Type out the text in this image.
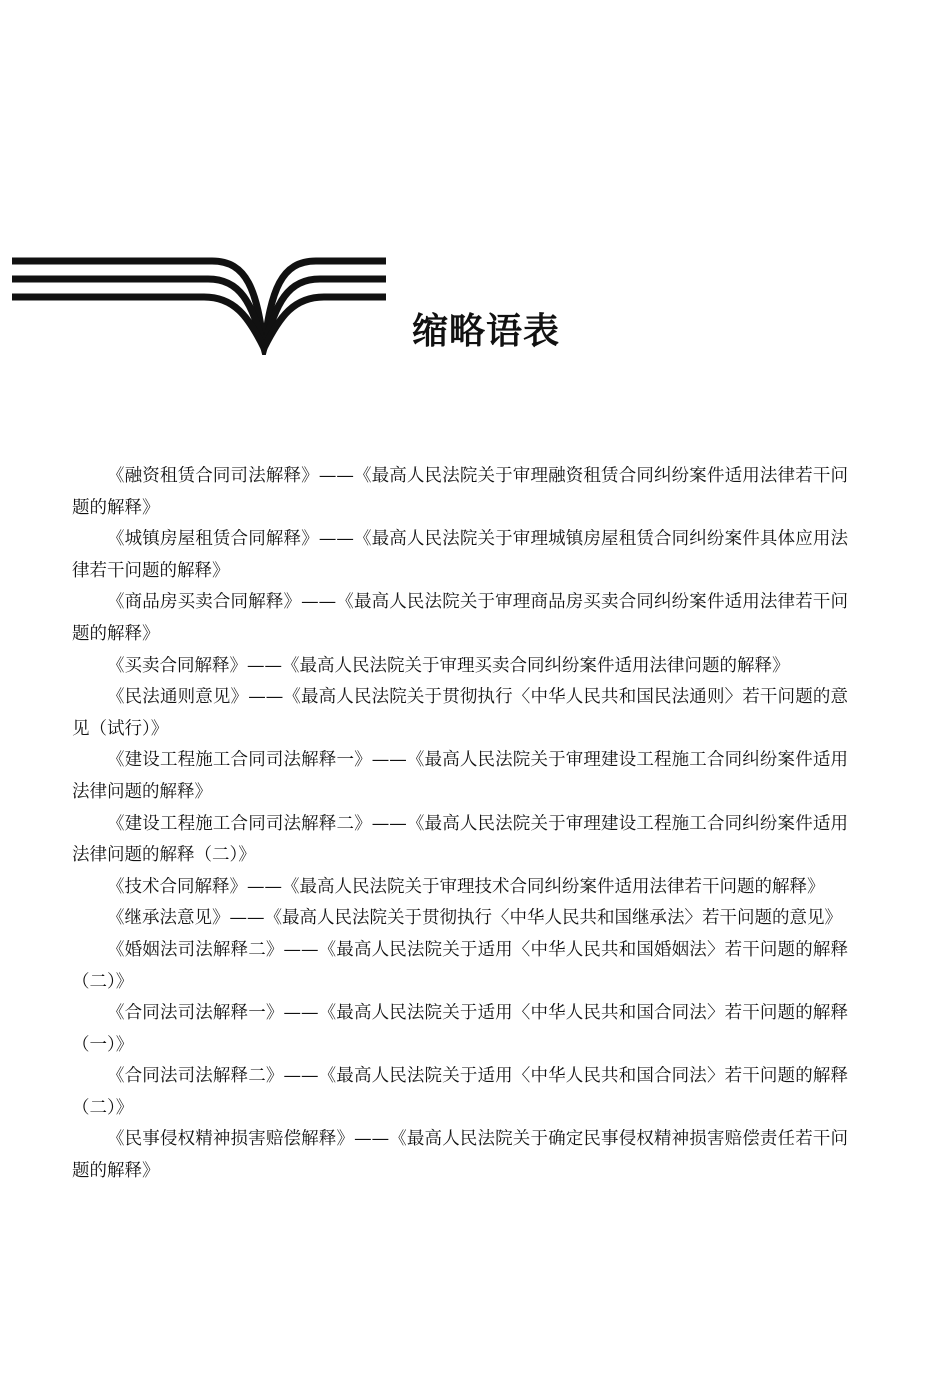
缩略语表

《融资租赁合同司法解释》——《最高人民法院关于审理融资租赁合同纠纷案件适用法律若干问题的解释》

《城镇房屋租赁合同解释》——《最高人民法院关于审理城镇房屋租赁合同纠纷案件具体应用法律若干问题的解释》

《商品房买卖合同解释》——《最高人民法院关于审理商品房买卖合同纠纷案件适用法律若干问题的解释》

《买卖合同解释》——《最高人民法院关于审理买卖合同纠纷案件适用法律问题的解释》

《民法通则意见》——《最高人民法院关于贯彻执行〈中华人民共和国民法通则〉若干问题的意见（试行）》

《建设工程施工合同司法解释一》——《最高人民法院关于审理建设工程施工合同纠纷案件适用法律问题的解释》

《建设工程施工合同司法解释二》——《最高人民法院关于审理建设工程施工合同纠纷案件适用法律问题的解释（二）》

《技术合同解释》——《最高人民法院关于审理技术合同纠纷案件适用法律若干问题的解释》

《继承法意见》——《最高人民法院关于贯彻执行〈中华人民共和国继承法〉若干问题的意见》

《婚姻法司法解释二》——《最高人民法院关于适用〈中华人民共和国婚姻法〉若干问题的解释（二）》

《合同法司法解释一》——《最高人民法院关于适用〈中华人民共和国合同法〉若干问题的解释（一）》

《合同法司法解释二》——《最高人民法院关于适用〈中华人民共和国合同法〉若干问题的解释（二）》

《民事侵权精神损害赔偿解释》——《最高人民法院关于确定民事侵权精神损害赔偿责任若干问题的解释》
